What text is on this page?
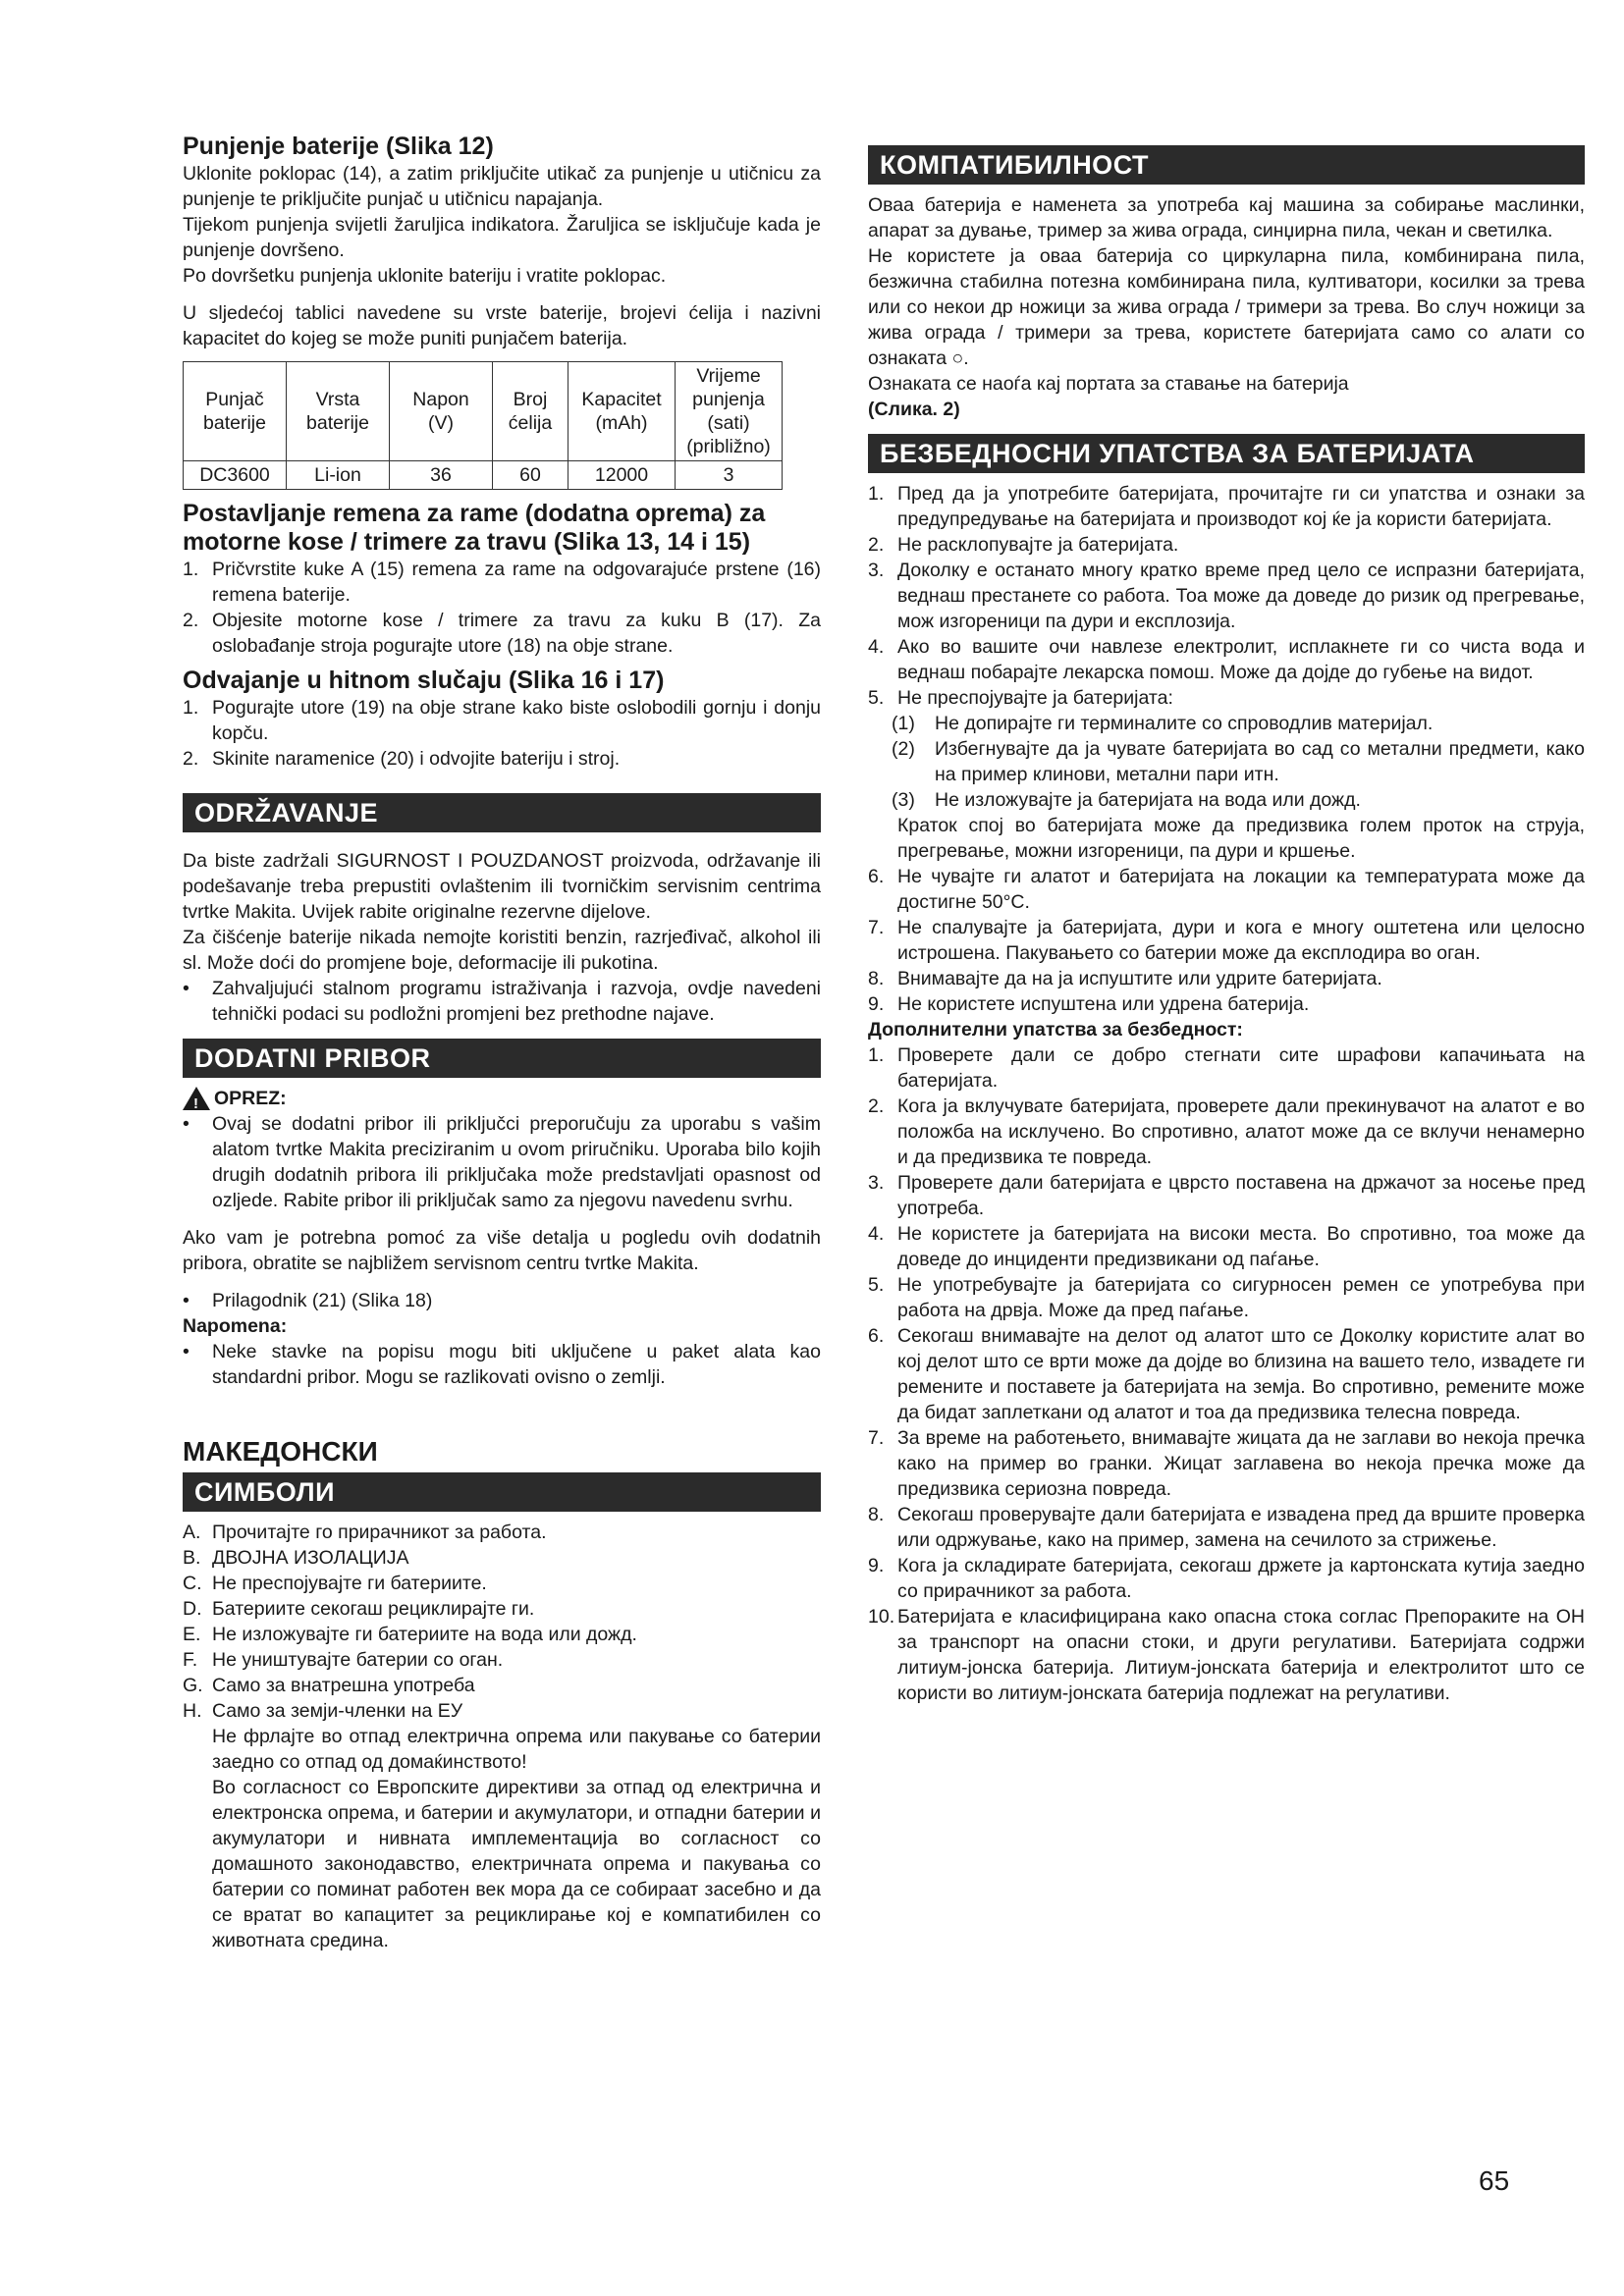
Punjenje baterije (Slika 12)

Uklonite poklopac (14), a zatim priključite utikač za punjenje u utičnicu za punjenje te priključite punjač u utičnicu napajanja.

Tijekom punjenja svijetli žaruljica indikatora. Žaruljica se isključuje kada je punjenje dovršeno.

Po dovršetku punjenja uklonite bateriju i vratite poklopac.

U sljedećoj tablici navedene su vrste baterije, brojevi ćelija i nazivni kapacitet do kojeg se može puniti punjačem baterija.

Punjač baterije	Vrsta baterije	Napon (V)	Broj ćelija	Kapacitet (mAh)	Vrijeme punjenja (sati) (približno)
DC3600	Li-ion	36	60	12000	3
Postavljanje remena za rame (dodatna oprema) za motorne kose / trimere za travu (Slika 13, 14 i 15)
1. Pričvrstite kuke A (15) remena za rame na odgovarajuće prstene (16) remena baterije.
2. Objesite motorne kose / trimere za travu za kuku B (17). Za oslobađanje stroja pogurajte utore (18) na obje strane.
Odvajanje u hitnom slučaju (Slika 16 i 17)
1. Pogurajte utore (19) na obje strane kako biste oslobodili gornju i donju kopču.
2. Skinite naramenice (20) i odvojite bateriju i stroj.
ODRŽAVANJE

Da biste zadržali SIGURNOST I POUZDANOST proizvoda, održavanje ili podešavanje treba prepustiti ovlaštenim ili tvorničkim servisnim centrima tvrtke Makita. Uvijek rabite originalne rezervne dijelove.

Za čišćenje baterije nikada nemojte koristiti benzin, razrjeđivač, alkohol ili sl. Može doći do promjene boje, deformacije ili pukotina.

•	Zahvaljujući stalnom programu istraživanja i razvoja, ovdje navedeni tehnički podaci su podložni promjeni bez prethodne najave.
DODATNI PRIBOR
!
OPREZ:
•	Ovaj se dodatni pribor ili priključci preporučuju za uporabu s vašim alatom tvrtke Makita preciziranim u ovom priručniku. Uporaba bilo kojih drugih dodatnih pribora ili priključaka može predstavljati opasnost od ozljede. Rabite pribor ili priključak samo za njegovu navedenu svrhu.

Ako vam je potrebna pomoć za više detalja u pogledu ovih dodatnih pribora, obratite se najbližem servisnom centru tvrtke Makita.

•	Prilagodnik (21) (Slika 18)
Napomena:
•	Neke stavke na popisu mogu biti uključene u paket alata kao standardni pribor. Mogu se razlikovati ovisno o zemlji.
МАКЕДОНСКИ
СИМБОЛИ
A. Прочитајте го прирачникот за работа.
B. ДВОЈНА ИЗОЛАЦИЈА
C. Не преспојувајте ги батериите.
D. Батериите секогаш рециклирајте ги.
E. Не изложувајте ги батериите на вода или дожд.
F. Не уништувајте батерии со оган.
G. Само за внатрешна употреба
H. Само за земји-членки на ЕУ

Не фрлајте во отпад електрична опрема или пакување со батерии заедно со отпад од домаќинството!

Во согласност со Европските директиви за отпад од електрична и електронска опрема, и батерии и акумулатори, и отпадни батерии и акумулатори и нивната имплементација во согласност со домашното законодавство, електричната опрема и пакувања со батерии со поминат работен век мора да се собираат засебно и да се вратат во капацитет за рециклирање кој е компатибилен со животната средина.

КОМПАТИБИЛНОСТ

Оваа батерија е наменета за употреба кај машина за собирање маслинки, апарат за дување, тример за жива ограда, синџирна пила, чекан и светилка.

Не користете ја оваа батерија со циркуларна пила, комбинирана пила, безжична стабилна потезна комбинирана пила, култиватори, косилки за трева или со некои др ножици за жива ограда / тримери за трева. Во случ ножици за жива ограда / тримери за трева, користете батеријата само со алати со ознаката ○.

Ознаката се наоѓа кај портата за ставање на батерија

(Слика. 2)
БЕЗБЕДНОСНИ УПАТСТВА ЗА БАТЕРИЈАТА
1. Пред да ја употребите батеријата, прочитајте ги си упатства и ознаки за предупредување на батеријата и производот кој ќе ја користи батеријата.
2. Не расклопувајте ја батеријата.
3. Доколку е останато многу кратко време пред цело се испразни батеријата, веднаш престанете со работа. Тоа може да доведе до ризик од прегревање, мож изгореници па дури и експлозија.
4. Ако во вашите очи навлезе електролит, исплакнете ги со чиста вода и веднаш побарајте лекарска помош. Може да дојде до губење на видот.
5. Не преспојувајте ја батеријата:
(1)	Не допирајте ги терминалите со спроводлив материјал.
(2)	Избегнувајте да ја чувате батеријата во сад со метални предмети, како на пример клинови, метални пари итн.
(3)	Не изложувајте ја батеријата на вода или дожд.

Краток спој во батеријата може да предизвика голем проток на струја, прегревање, можни изгореници, па дури и кршење.

6. Не чувајте ги алатот и батеријата на локации ка температурата може да достигне 50°C.
7. Не спалувајте ја батеријата, дури и кога е многу оштетена или целосно истрошена. Пакувањето со батерии може да експлодира во оган.
8. Внимавајте да на ја испуштите или удрите батеријата.
9. Не користете испуштена или удрена батерија.
Дополнителни упатства за безбедност:
1. Проверете дали се добро стегнати сите шрафови капачињата на батеријата.
2. Кога ја вклучувате батеријата, проверете дали прекинувачот на алатот е во положба на исклучено. Во спротивно, алатот може да се вклучи ненамерно и да предизвика те повреда.
3. Проверете дали батеријата е цврсто поставена на држачот за носење пред употреба.
4. Не користете ја батеријата на високи места. Во спротивно, тоа може да доведе до инциденти предизвикани од паѓање.
5. Не употребувајте ја батеријата со сигурносен ремен се употребува при работа на дрвја. Може да пред паѓање.
6. Секогаш внимавајте на делот од алатот што се Доколку користите алат во кој делот што се врти може да дојде во близина на вашето тело, извадете ги ремените и поставете ја батеријата на земја. Во спротивно, ремените може да бидат заплеткани од алатот и тоа да предизвика телесна повреда.
7. За време на работењето, внимавајте жицата да не заглави во некоја пречка како на пример во гранки. Жицат заглавена во некоја пречка може да предизвика сериозна повреда.
8. Секогаш проверувајте дали батеријата е извадена пред да вршите проверка или одржување, како на пример, замена на сечилото за стрижење.
9. Кога ја складирате батеријата, секогаш држете ја картонската кутија заедно со прирачникот за работа.
10. Батеријата е класифицирана како опасна стока соглас Препораките на ОН за транспорт на опасни стоки, и други регулативи. Батеријата содржи литиум-јонска батерија. Литиум-јонската батерија и електролитот што се користи во литиум-јонската батерија подлежат на регулативи.
65
